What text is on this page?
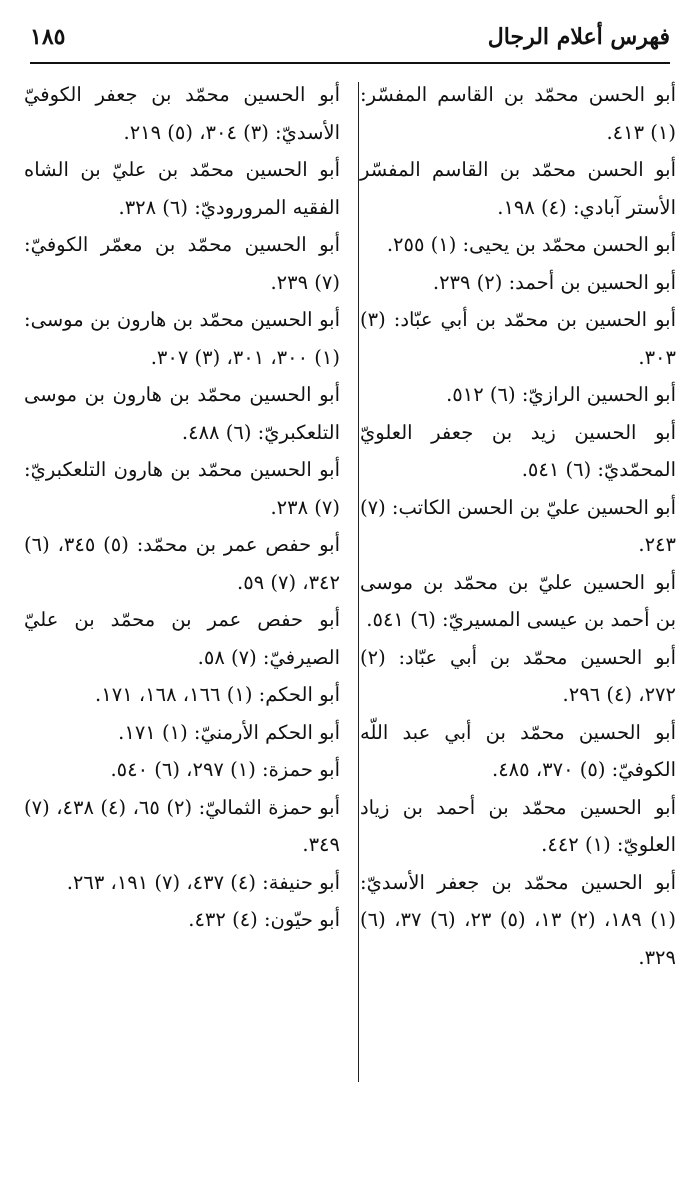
فهرس أعلام الرجال
١٨٥

أبو الحسن محمّد بن القاسم المفسّر: (١) ٤١٣.

أبو الحسن محمّد بن القاسم المفسّر الأستر آبادي: (٤) ١٩٨.

أبو الحسن محمّد بن يحيى: (١) ٢٥٥.

أبو الحسين بن أحمد: (٢) ٢٣٩.

أبو الحسين بن محمّد بن أبي عبّاد: (٣) ٣٠٣.

أبو الحسين الرازيّ: (٦) ٥١٢.

أبو الحسين زيد بن جعفر العلويّ المحمّديّ: (٦) ٥٤١.

أبو الحسين عليّ بن الحسن الكاتب: (٧) ٢٤٣.

أبو الحسين عليّ بن محمّد بن موسى بن أحمد بن عيسى المسيريّ: (٦) ٥٤١.

أبو الحسين محمّد بن أبي عبّاد: (٢) ٢٧٢، (٤) ٢٩٦.

أبو الحسين محمّد بن أبي عبد اللّه الكوفيّ: (٥) ٣٧٠، ٤٨٥.

أبو الحسين محمّد بن أحمد بن زياد العلويّ: (١) ٤٤٢.

أبو الحسين محمّد بن جعفر الأسديّ: (١) ١٨٩، (٢) ١٣، (٥) ٢٣، (٦) ٣٧، (٦) ٣٢٩.

أبو الحسين محمّد بن جعفر الكوفيّ الأسديّ: (٣) ٣٠٤، (٥) ٢١٩.

أبو الحسين محمّد بن عليّ بن الشاه الفقيه المروروديّ: (٦) ٣٢٨.

أبو الحسين محمّد بن معمّر الكوفيّ: (٧) ٢٣٩.

أبو الحسين محمّد بن هارون بن موسى: (١) ٣٠٠، ٣٠١، (٣) ٣٠٧.

أبو الحسين محمّد بن هارون بن موسى التلعكبريّ: (٦) ٤٨٨.

أبو الحسين محمّد بن هارون التلعكبريّ: (٧) ٢٣٨.

أبو حفص عمر بن محمّد: (٥) ٣٤٥، (٦) ٣٤٢، (٧) ٥٩.

أبو حفص عمر بن محمّد بن عليّ الصيرفيّ: (٧) ٥٨.

أبو الحكم: (١) ١٦٦، ١٦٨، ١٧١.

أبو الحكم الأرمنيّ: (١) ١٧١.

أبو حمزة: (١) ٢٩٧، (٦) ٥٤٠.

أبو حمزة الثماليّ: (٢) ٦٥، (٤) ٤٣٨، (٧) ٣٤٩.

أبو حنيفة: (٤) ٤٣٧، (٧) ١٩١، ٢٦٣.

أبو حيّون: (٤) ٤٣٢.
